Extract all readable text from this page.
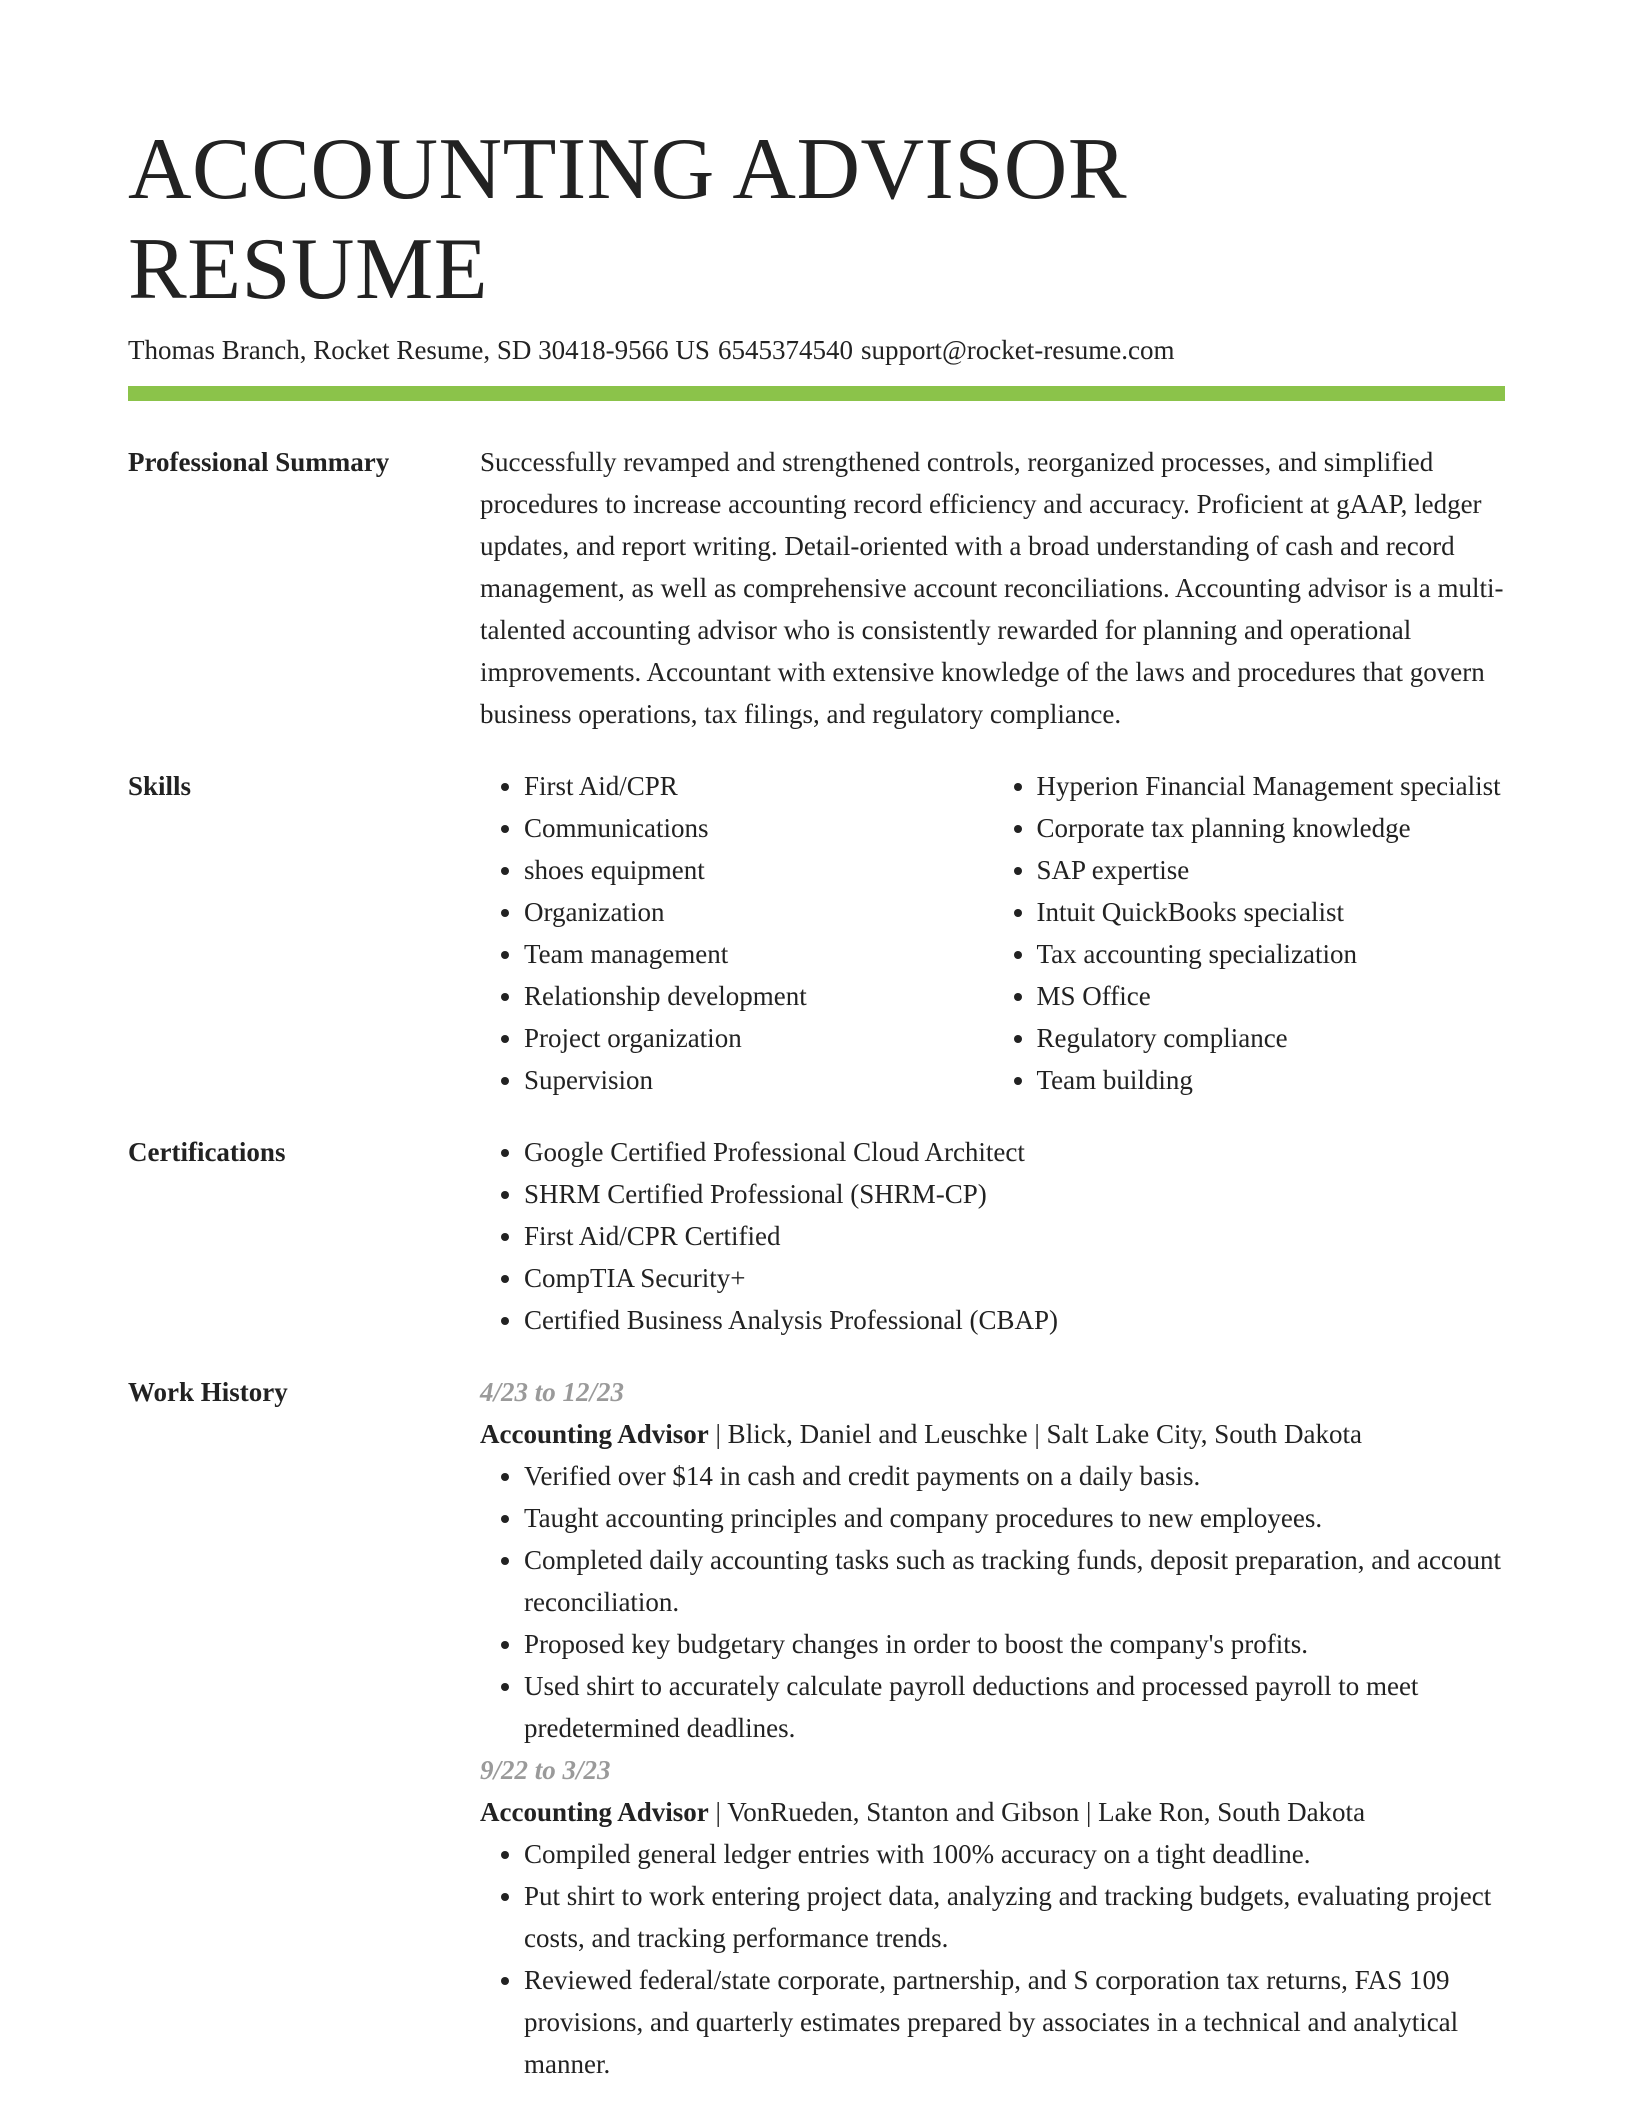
ACCOUNTING ADVISOR RESUME
Thomas Branch, Rocket Resume, SD 30418-9566 US 6545374540 support@rocket-resume.com
Professional Summary	Successfully revamped and strengthened controls, reorganized processes, and simplified procedures to increase accounting record efficiency and accuracy. Proficient at gAAP, ledger updates, and report writing. Detail-oriented with a broad understanding of cash and record management, as well as comprehensive account reconciliations. Accounting advisor is a multi-talented accounting advisor who is consistently rewarded for planning and operational improvements. Accountant with extensive knowledge of the laws and procedures that govern business operations, tax filings, and regulatory compliance.

Skills	• First Aid/CPR
• Communications
• shoes equipment
• Organization
• Team management
• Relationship development
• Project organization
• Supervision
• Hyperion Financial Management specialist
• Corporate tax planning knowledge
• SAP expertise
• Intuit QuickBooks specialist
• Tax accounting specialization
• MS Office
• Regulatory compliance
• Team building
Certifications	• Google Certified Professional Cloud Architect
• SHRM Certified Professional (SHRM-CP)
• First Aid/CPR Certified
• CompTIA Security+
• Certified Business Analysis Professional (CBAP)
Work History	4/23 to 12/23
Accounting Advisor | Blick, Daniel and Leuschke | Salt Lake City, South Dakota
• Verified over $14 in cash and credit payments on a daily basis.
• Taught accounting principles and company procedures to new employees.
• Completed daily accounting tasks such as tracking funds, deposit preparation, and account reconciliation.
• Proposed key budgetary changes in order to boost the company's profits.
• Used shirt to accurately calculate payroll deductions and processed payroll to meet predetermined deadlines.
9/22 to 3/23
Accounting Advisor | VonRueden, Stanton and Gibson | Lake Ron, South Dakota
• Compiled general ledger entries with 100% accuracy on a tight deadline.
• Put shirt to work entering project data, analyzing and tracking budgets, evaluating project costs, and tracking performance trends.
• Reviewed federal/state corporate, partnership, and S corporation tax returns, FAS 109 provisions, and quarterly estimates prepared by associates in a technical and analytical manner.
